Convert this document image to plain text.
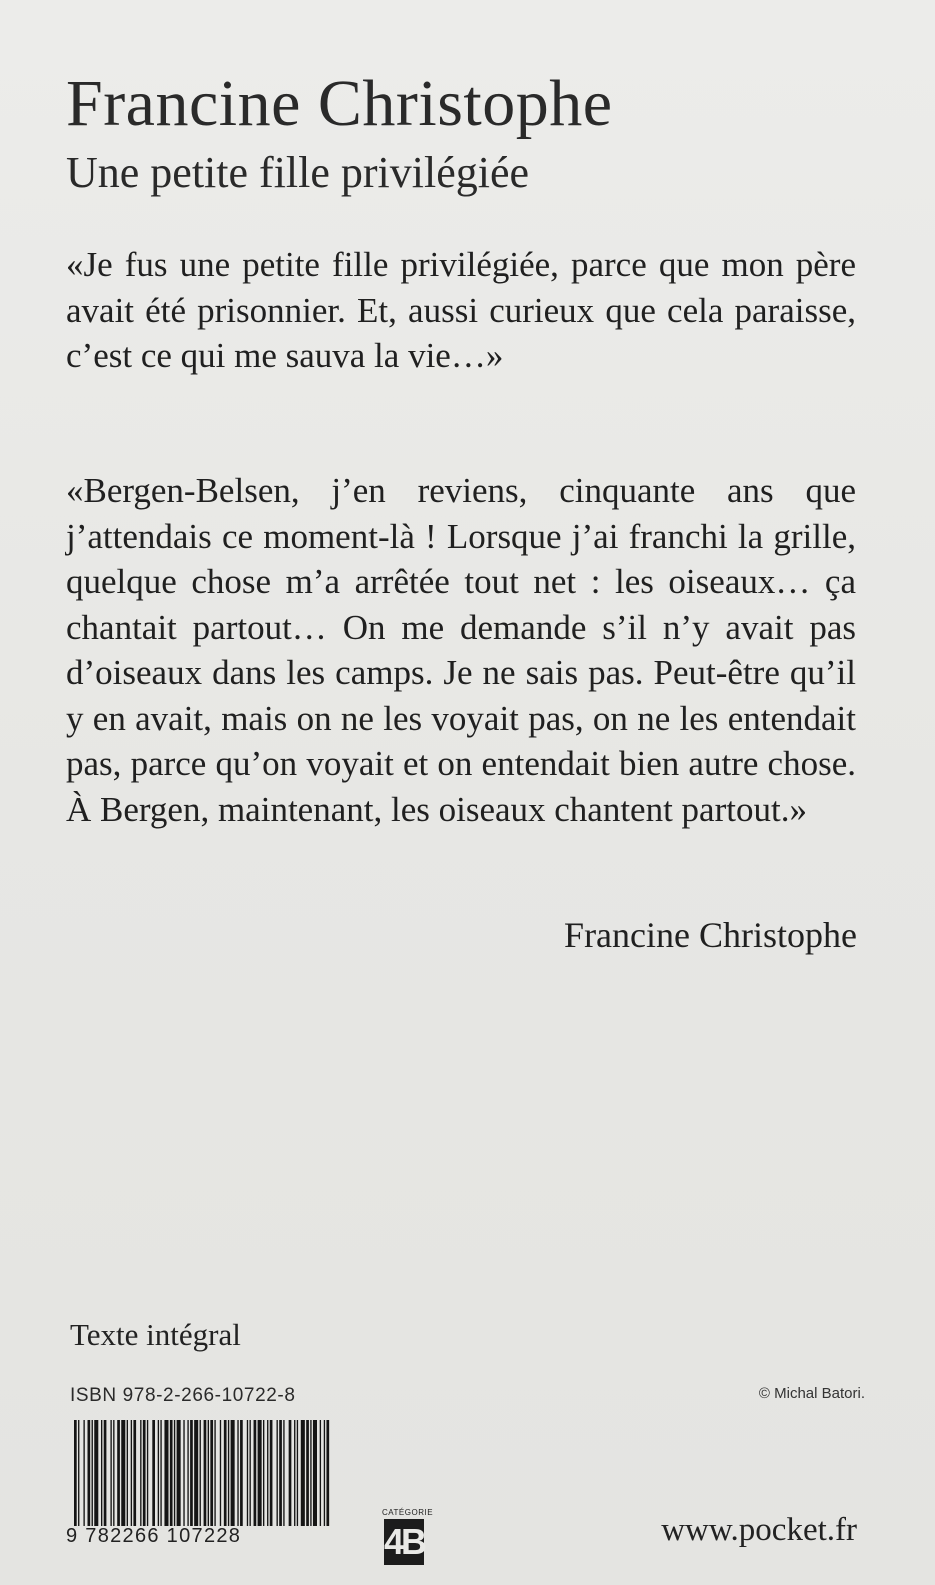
Francine Christophe
Une petite fille privilégiée

«Je fus une petite fille privilégiée, parce que mon père avait été prisonnier. Et, aussi curieux que cela paraisse, c’est ce qui me sauva la vie…»

«Bergen-Belsen, j’en reviens, cinquante ans que j’attendais ce moment-là ! Lorsque j’ai franchi la grille, quelque chose m’a arrêtée tout net : les oiseaux… ça chantait partout… On me demande s’il n’y avait pas d’oiseaux dans les camps. Je ne sais pas. Peut-être qu’il y en avait, mais on ne les voyait pas, on ne les entendait pas, parce qu’on voyait et on entendait bien autre chose. À Bergen, maintenant, les oiseaux chantent partout.»

Francine Christophe
Texte intégral
ISBN 978-2-266-10722-8	© Michal Batori.
9 782266 107228
CATÉGORIE
4B	www.pocket.fr
